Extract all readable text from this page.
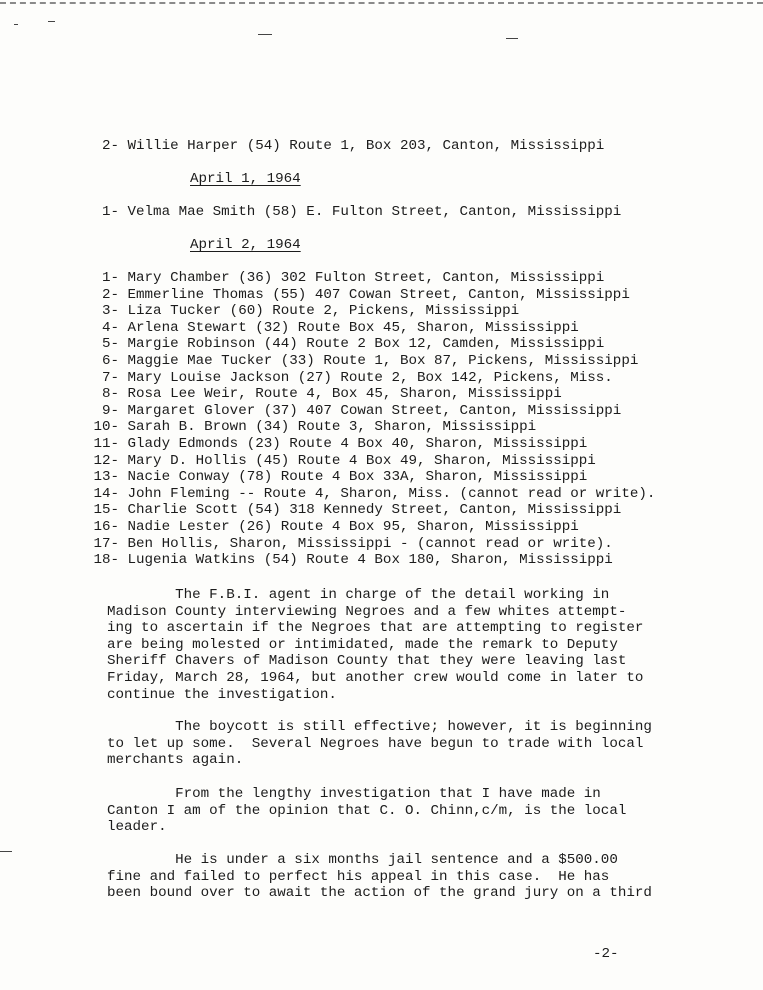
2- Willie Harper (54) Route 1, Box 203, Canton, Mississippi
April 1, 1964
1- Velma Mae Smith (58) E. Fulton Street, Canton, Mississippi
April 2, 1964
1- Mary Chamber (36) 302 Fulton Street, Canton, Mississippi
2- Emmerline Thomas (55) 407 Cowan Street, Canton, Mississippi
3- Liza Tucker (60) Route 2, Pickens, Mississippi
4- Arlena Stewart (32) Route Box 45, Sharon, Mississippi
5- Margie Robinson (44) Route 2 Box 12, Camden, Mississippi
6- Maggie Mae Tucker (33) Route 1, Box 87, Pickens, Mississippi
7- Mary Louise Jackson (27) Route 2, Box 142, Pickens, Miss.
8- Rosa Lee Weir, Route 4, Box 45, Sharon, Mississippi
9- Margaret Glover (37) 407 Cowan Street, Canton, Mississippi
10- Sarah B. Brown (34) Route 3, Sharon, Mississippi
11- Glady Edmonds (23) Route 4 Box 40, Sharon, Mississippi
12- Mary D. Hollis (45) Route 4 Box 49, Sharon, Mississippi
13- Nacie Conway (78) Route 4 Box 33A, Sharon, Mississippi
14- John Fleming -- Route 4, Sharon, Miss. (cannot read or write).
15- Charlie Scott (54) 318 Kennedy Street, Canton, Mississippi
16- Nadie Lester (26) Route 4 Box 95, Sharon, Mississippi
17- Ben Hollis, Sharon, Mississippi - (cannot read or write).
18- Lugenia Watkins (54) Route 4 Box 180, Sharon, Mississippi

The F.B.I. agent in charge of the detail working in
Madison County interviewing Negroes and a few whites attempt-
ing to ascertain if the Negroes that are attempting to register
are being molested or intimidated, made the remark to Deputy
Sheriff Chavers of Madison County that they were leaving last
Friday, March 28, 1964, but another crew would come in later to
continue the investigation.

The boycott is still effective; however, it is beginning
to let up some.  Several Negroes have begun to trade with local
merchants again.

From the lengthy investigation that I have made in
Canton I am of the opinion that C. O. Chinn,c/m, is the local
leader.

He is under a six months jail sentence and a $500.00
fine and failed to perfect his appeal in this case.  He has
been bound over to await the action of the grand jury on a third

-2-
